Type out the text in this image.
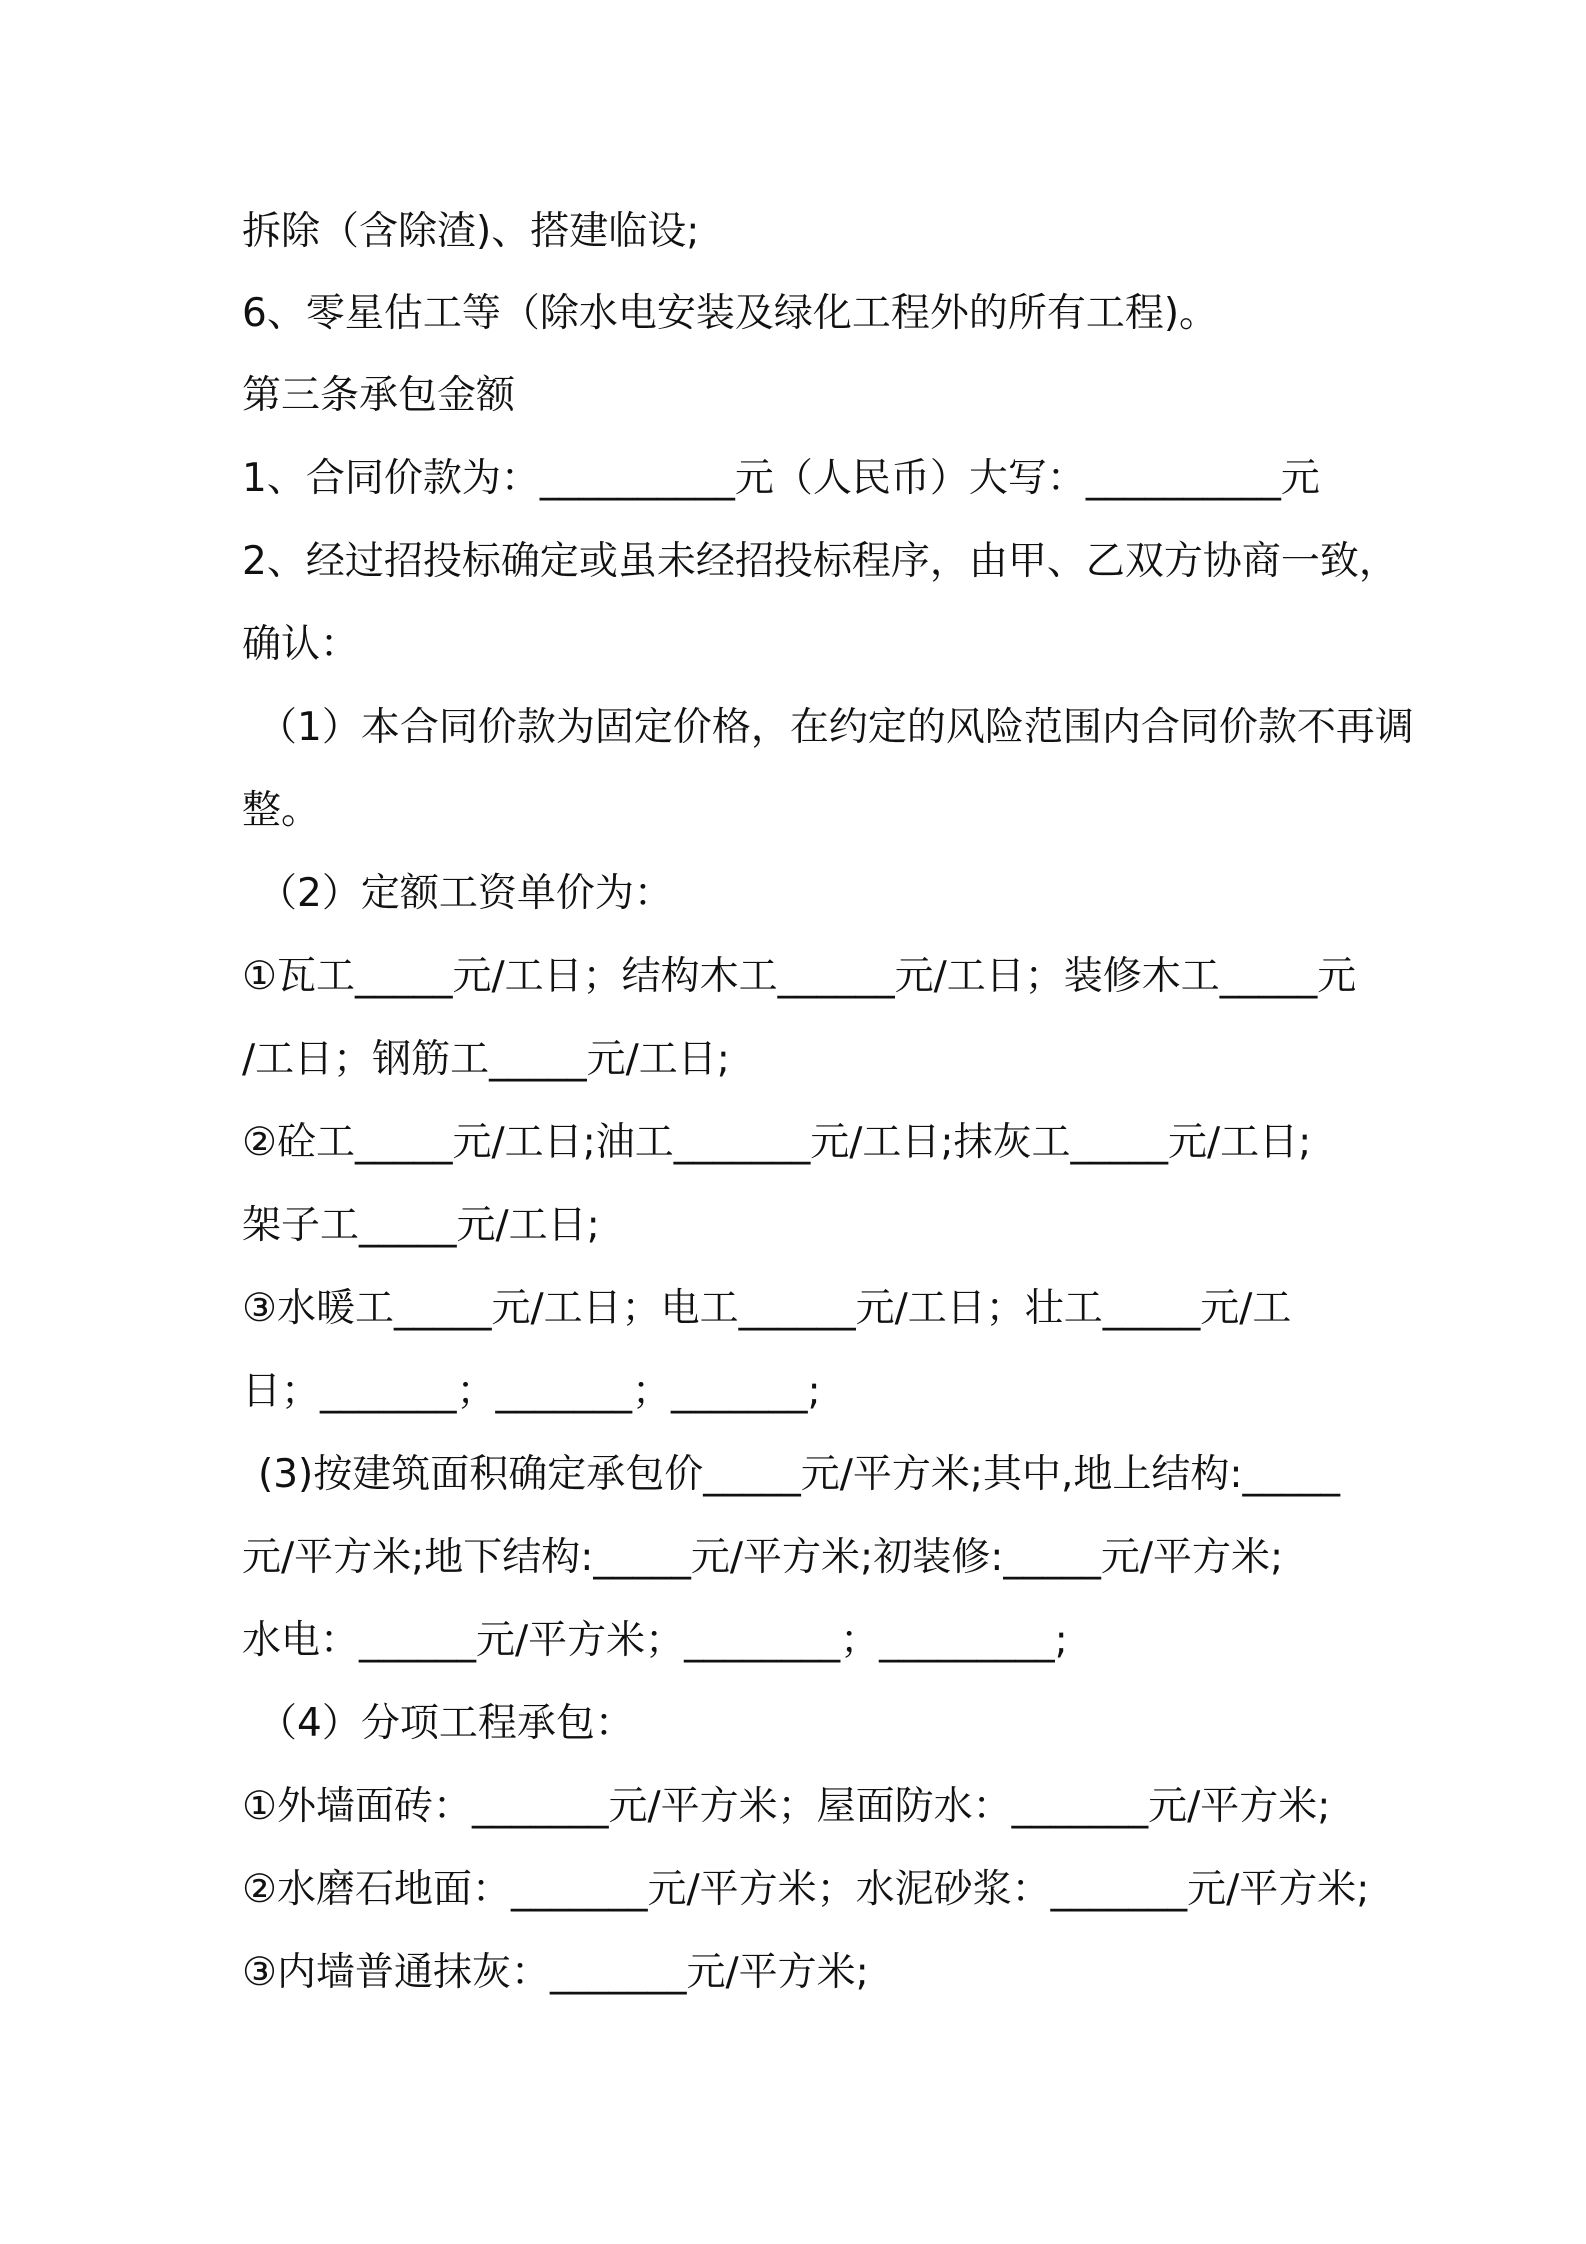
拆除（含除渣)、搭建临设;
6、零星估工等（除水电安装及绿化工程外的所有工程)。
第三条承包金额
1、合同价款为：__________元（人民币）大写：__________元
2、经过招投标确定或虽未经招投标程序，由甲、乙双方协商一致，
确认：
（1）本合同价款为固定价格，在约定的风险范围内合同价款不再调
整。
（2）定额工资单价为：
①瓦工_____元/工日；结构木工______元/工日；装修木工_____元
/工日；钢筋工_____元/工日;
②砼工_____元/工日;油工_______元/工日;抹灰工_____元/工日;
架子工_____元/工日;
③水暖工_____元/工日；电工______元/工日；壮工_____元/工
日；_______；_______；_______;
(3)按建筑面积确定承包价_____元/平方米;其中,地上结构:_____
元/平方米;地下结构:_____元/平方米;初装修:_____元/平方米;
水电：______元/平方米；________；_________;
（4）分项工程承包：
①外墙面砖：_______元/平方米；屋面防水：_______元/平方米;
②水磨石地面：_______元/平方米；水泥砂浆：_______元/平方米;
③内墙普通抹灰：_______元/平方米;
